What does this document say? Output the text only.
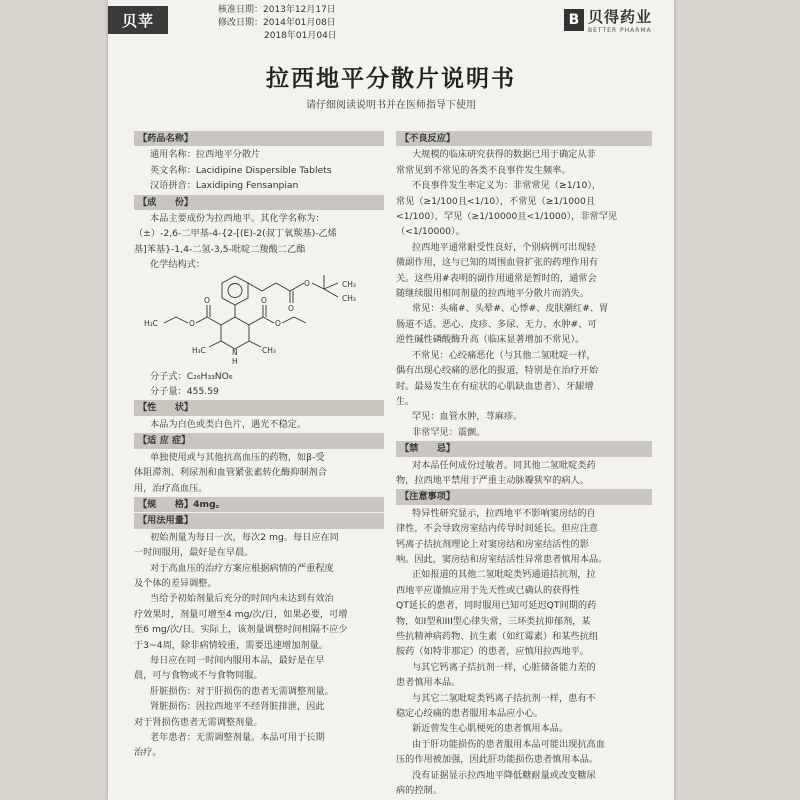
贝苹
核准日期：2013年12月17日
修改日期：2014年01月08日
2018年01月04日
B 贝得药业
BETTER PHARMA
拉西地平分散片说明书
请仔细阅读说明书并在医师指导下使用
【药品名称】
通用名称：拉西地平分散片
英文名称：Lacidipine Dispersible Tablets
汉语拼音：Laxidiping Fensanpian
【成　　份】
本品主要成份为拉西地平。其化学名称为：
（±）-2,6-二甲基-4-{2-[(E)-2(叔丁氧羰基)-乙烯
基]苯基}-1,4-二氢-3,5-吡啶二羧酸二乙酯
化学结构式：
CH₃
CH₃
O
O
O
O
O
O
H₃C
H₃C	CH₃
N
H
分子式：C₂₆H₃₃NO₆
分子量：455.59
【性　　状】
本品为白色或类白色片，遇光不稳定。
【适 应 症】
单独使用或与其他抗高血压的药物，如β-受
体阻滞剂、利尿剂和血管紧张素转化酶抑制剂合
用，治疗高血压。
【规　　格】4mg。
【用法用量】
初始剂量为每日一次，每次2 mg。每日应在同
一时间服用，最好是在早晨。
对于高血压的治疗方案应根据病情的严重程度
及个体的差异调整。
当给予初始剂量后充分的时间内未达到有效治
疗效果时，剂量可增至4 mg/次/日，如果必要，可增
至6 mg/次/日。实际上，该剂量调整时间相隔不应少
于3~4周，除非病情较重，需要迅速增加剂量。
每日应在同一时间内服用本品，最好是在早
晨，可与食物或不与食物同服。
肝脏损伤：对于肝损伤的患者无需调整剂量。
肾脏损伤：因拉西地平不经肾脏排泄，因此
对于肾损伤患者无需调整剂量。
老年患者：无需调整剂量。本品可用于长期
治疗。
【不良反应】
大规模的临床研究获得的数据已用于确定从非
常常见到不常见的各类不良事件发生频率。
不良事件发生率定义为：非常常见（≥1/10），
常见（≥1/100且<1/10），不常见（≥1/1000且
<1/100），罕见（≥1/10000且<1/1000），非常罕见
（<1/10000）。
拉西地平通常耐受性良好，个别病例可出现轻
微副作用，这与已知的周围血管扩张的药理作用有
关。这些用#表明的副作用通常是暂时的，通常会
随继续服用相同剂量的拉西地平分散片而消失。
常见：头痛#、头晕#、心悸#、皮肤潮红#、胃
肠道不适、恶心、皮疹、多尿、无力、水肿#、可
逆性碱性磷酸酶升高（临床显著增加不常见）。
不常见：心绞痛恶化（与其他二氢吡啶一样，
偶有出现心绞痛的恶化的报道，特别是在治疗开始
时。最易发生在有症状的心肌缺血患者）、牙龈增
生。
罕见：血管水肿，荨麻疹。
非常罕见：震颤。
【禁　　忌】
对本品任何成份过敏者。同其他二氢吡啶类药
物，拉西地平禁用于严重主动脉瓣狭窄的病人。
【注意事项】
特异性研究显示，拉西地平不影响窦房结的自
律性，不会导致房室结内传导时间延长。但应注意
钙离子拮抗剂理论上对窦房结和房室结活性的影
响。因此，窦房结和房室结活性异常患者慎用本品。
正如报道的其他二氢吡啶类钙通道拮抗剂，拉
西地平应谨慎应用于先天性或已确认的获得性
QT延长的患者，同时服用已知可延迟QT间期的药
物，如I型和III型心律失常，三环类抗抑郁剂，某
些抗精神病药物、抗生素（如红霉素）和某些抗组
胺药（如特非那定）的患者，应慎用拉西地平。
与其它钙离子拮抗剂一样，心脏储备能力差的
患者慎用本品。
与其它二氢吡啶类钙离子拮抗剂一样，患有不
稳定心绞痛的患者服用本品应小心。
新近曾发生心肌梗死的患者慎用本品。
由于肝功能损伤的患者服用本品可能出现抗高血
压的作用被加强，因此肝功能损伤患者慎用本品。
没有证据显示拉西地平降低糖耐量或改变糖尿
病的控制。
